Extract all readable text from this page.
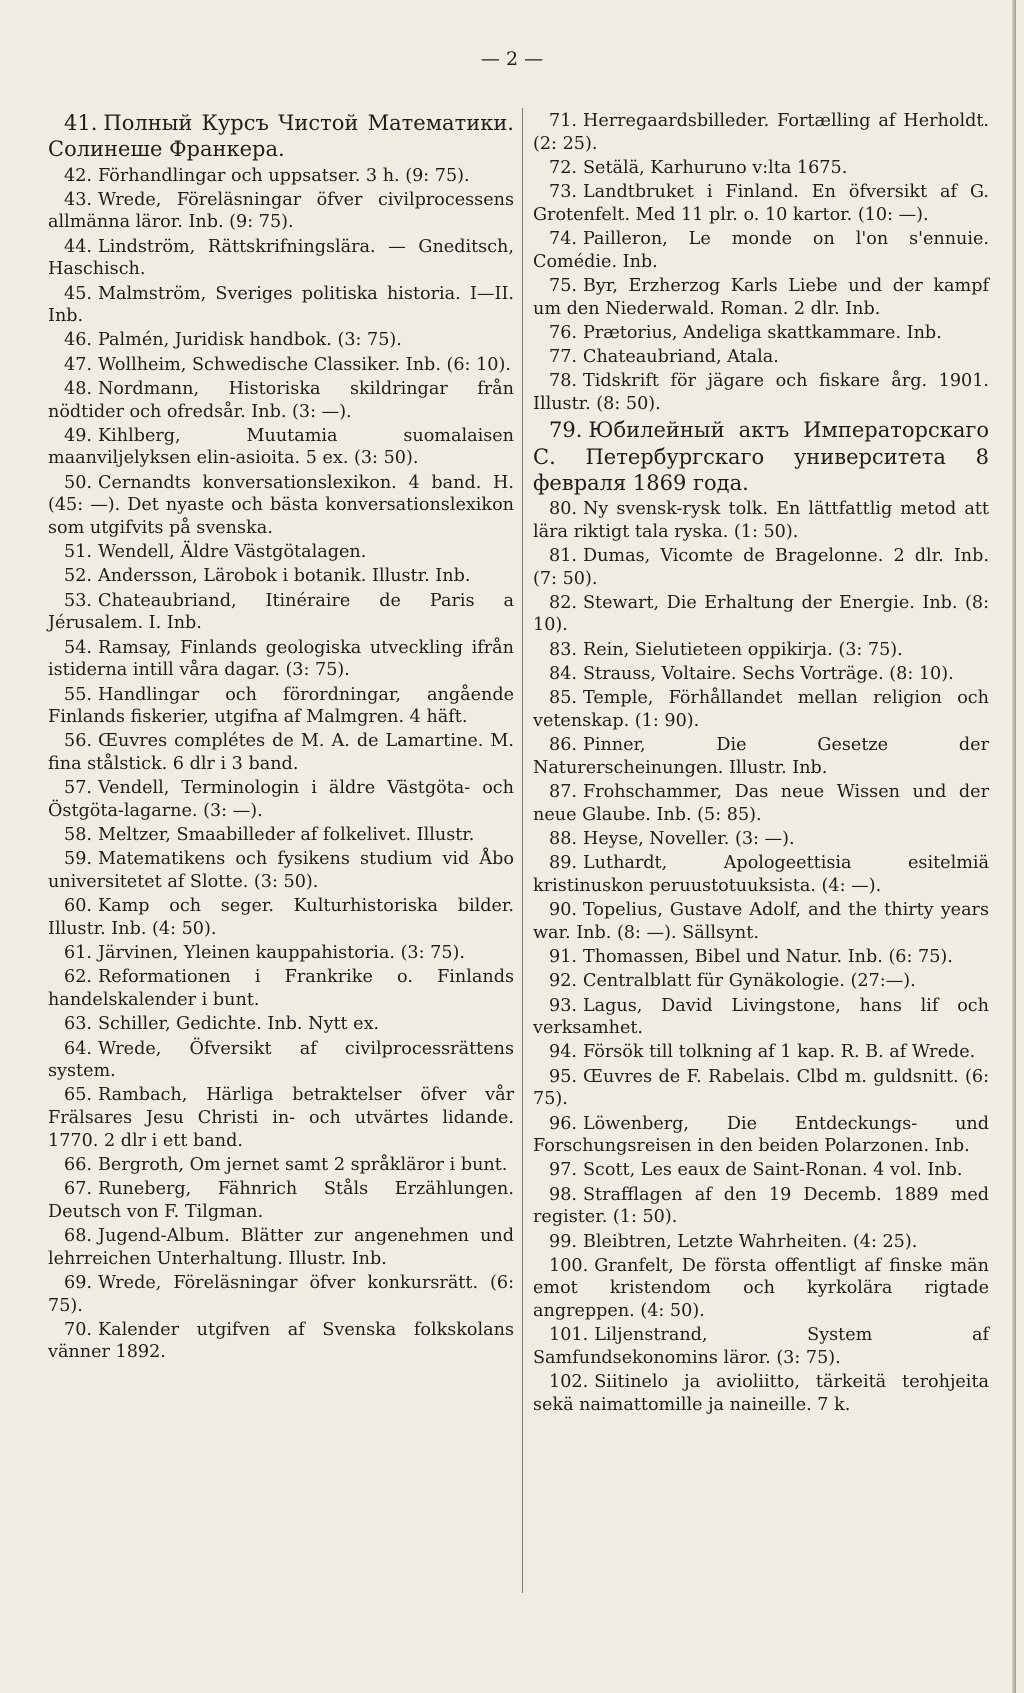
— 2 —

41. Полный Курсъ Чистой Математики. Солинеше Франкера.

42. Förhandlingar och uppsatser. 3 h. (9: 75).

43. Wrede, Föreläsningar öfver civilprocessens allmänna läror. Inb. (9: 75).

44. Lindström, Rättskrifningslära. — Gneditsch, Haschisch.

45. Malmström, Sveriges politiska historia. I—II. Inb.

46. Palmén, Juridisk handbok. (3: 75).

47. Wollheim, Schwedische Classiker. Inb. (6: 10).

48. Nordmann, Historiska skildringar från nödtider och ofredsår. Inb. (3: —).

49. Kihlberg, Muutamia suomalaisen maanviljelyksen elin-asioita. 5 ex. (3: 50).

50. Cernandts konversationslexikon. 4 band. H. (45: —). Det nyaste och bästa konversationslexikon som utgifvits på svenska.

51. Wendell, Äldre Västgötalagen.

52. Andersson, Lärobok i botanik. Illustr. Inb.

53. Chateaubriand, Itinéraire de Paris a Jérusalem. I. Inb.

54. Ramsay, Finlands geologiska utveckling ifrån istiderna intill våra dagar. (3: 75).

55. Handlingar och förordningar, angående Finlands fiskerier, utgifna af Malmgren. 4 häft.

56. Œuvres complétes de M. A. de Lamartine. M. fina stålstick. 6 dlr i 3 band.

57. Vendell, Terminologin i äldre Västgöta- och Östgöta-lagarne. (3: —).

58. Meltzer, Smaabilleder af folkelivet. Illustr.

59. Matematikens och fysikens studium vid Åbo universitetet af Slotte. (3: 50).

60. Kamp och seger. Kulturhistoriska bilder. Illustr. Inb. (4: 50).

61. Järvinen, Yleinen kauppahistoria. (3: 75).

62. Reformationen i Frankrike o. Finlands handelskalender i bunt.

63. Schiller, Gedichte. Inb. Nytt ex.

64. Wrede, Öfversikt af civilprocessrättens system.

65. Rambach, Härliga betraktelser öfver vår Frälsares Jesu Christi in- och utvärtes lidande. 1770. 2 dlr i ett band.

66. Bergroth, Om jernet samt 2 språkläror i bunt.

67. Runeberg, Fähnrich Ståls Erzählungen. Deutsch von F. Tilgman.

68. Jugend-Album. Blätter zur angenehmen und lehrreichen Unterhaltung. Illustr. Inb.

69. Wrede, Föreläsningar öfver konkursrätt. (6: 75).

70. Kalender utgifven af Svenska folkskolans vänner 1892.

71. Herregaardsbilleder. Fortælling af Herholdt. (2: 25).

72. Setälä, Karhuruno v:lta 1675.

73. Landtbruket i Finland. En öfversikt af G. Grotenfelt. Med 11 plr. o. 10 kartor. (10: —).

74. Pailleron, Le monde on l'on s'ennuie. Comédie. Inb.

75. Byr, Erzherzog Karls Liebe und der kampf um den Niederwald. Roman. 2 dlr. Inb.

76. Prætorius, Andeliga skattkammare. Inb.

77. Chateaubriand, Atala.

78. Tidskrift för jägare och fiskare årg. 1901. Illustr. (8: 50).

79. Юбилейный актъ Императорскаго С. Петербургскаго университета 8 февраля 1869 года.

80. Ny svensk-rysk tolk. En lättfattlig metod att lära riktigt tala ryska. (1: 50).

81. Dumas, Vicomte de Bragelonne. 2 dlr. Inb. (7: 50).

82. Stewart, Die Erhaltung der Energie. Inb. (8: 10).

83. Rein, Sielutieteen oppikirja. (3: 75).

84. Strauss, Voltaire. Sechs Vorträge. (8: 10).

85. Temple, Förhållandet mellan religion och vetenskap. (1: 90).

86. Pinner, Die Gesetze der Naturerscheinungen. Illustr. Inb.

87. Frohschammer, Das neue Wissen und der neue Glaube. Inb. (5: 85).

88. Heyse, Noveller. (3: —).

89. Luthardt, Apologeettisia esitelmiä kristinuskon peruustotuuksista. (4: —).

90. Topelius, Gustave Adolf, and the thirty years war. Inb. (8: —). Sällsynt.

91. Thomassen, Bibel und Natur. Inb. (6: 75).

92. Centralblatt für Gynäkologie. (27:—).

93. Lagus, David Livingstone, hans lif och verksamhet.

94. Försök till tolkning af 1 kap. R. B. af Wrede.

95. Œuvres de F. Rabelais. Clbd m. guldsnitt. (6: 75).

96. Löwenberg, Die Entdeckungs- und Forschungsreisen in den beiden Polarzonen. Inb.

97. Scott, Les eaux de Saint-Ronan. 4 vol. Inb.

98. Strafflagen af den 19 Decemb. 1889 med register. (1: 50).

99. Bleibtren, Letzte Wahrheiten. (4: 25).

100. Granfelt, De första offentligt af finske män emot kristendom och kyrkolära rigtade angreppen. (4: 50).

101. Liljenstrand, System af Samfundsekonomins läror. (3: 75).

102. Siitinelo ja avioliitto, tärkeitä terohjeita sekä naimattomille ja naineille. 7 k.
